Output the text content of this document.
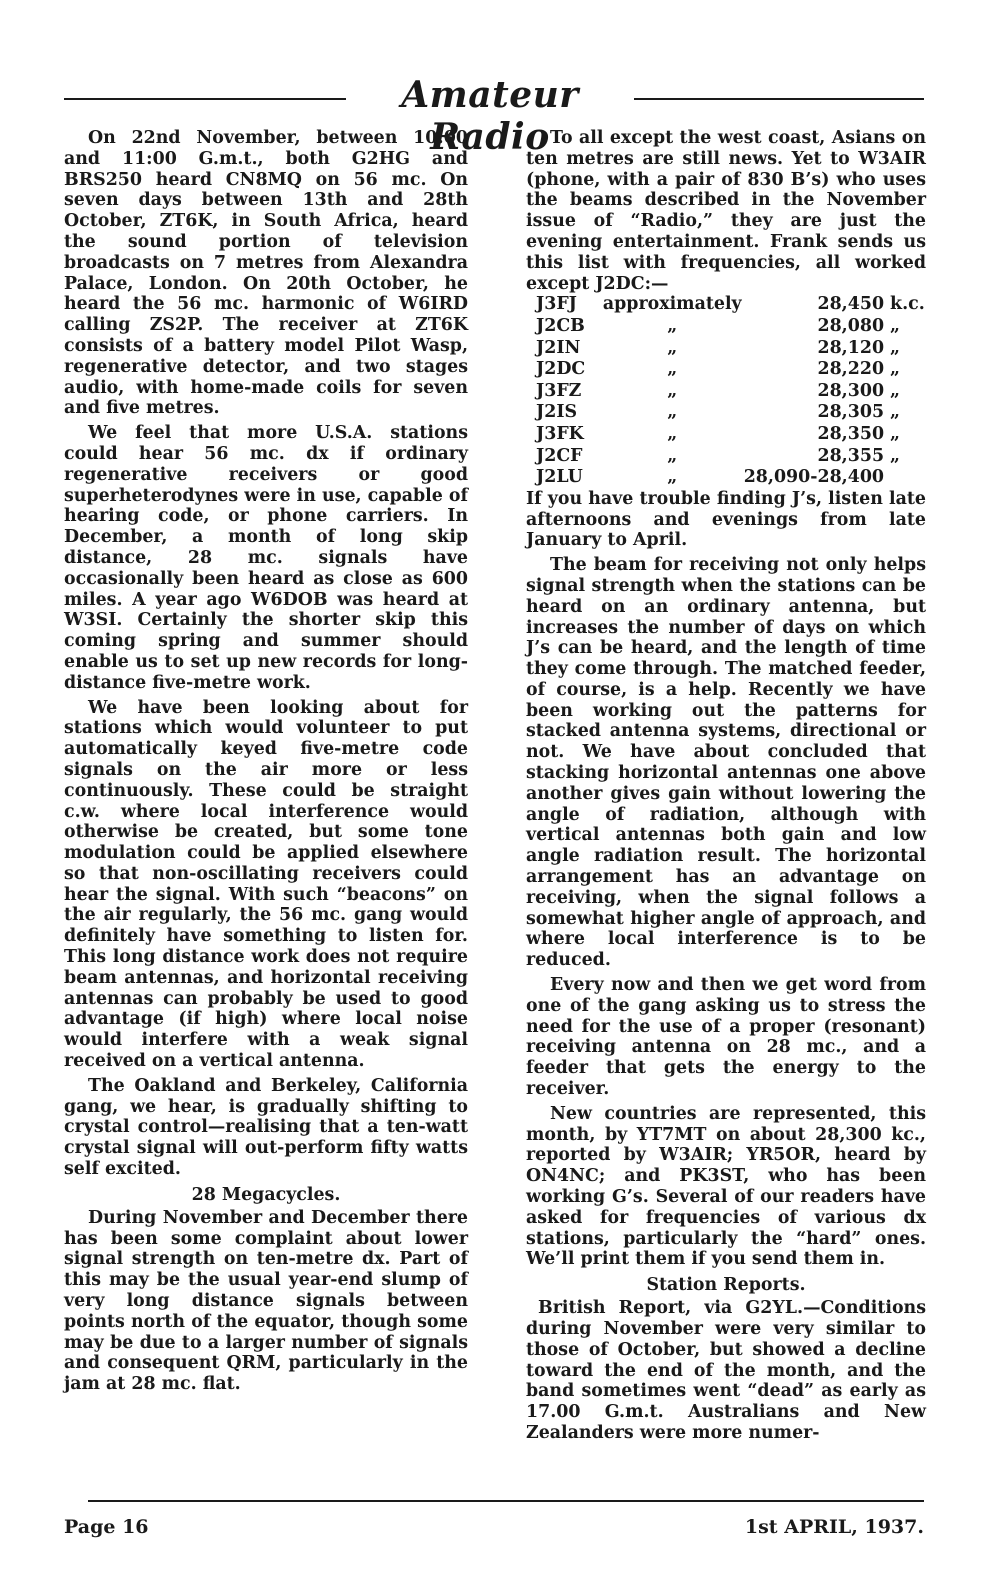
Amateur Radio

On 22nd November, between 10:00 and 11:00 G.m.t., both G2HG and BRS250 heard CN8MQ on 56 mc. On seven days between 13th and 28th October, ZT6K, in South Africa, heard the sound portion of television broadcasts on 7 metres from Alexandra Palace, London. On 20th October, he heard the 56 mc. harmonic of W6IRD calling ZS2P. The receiver at ZT6K consists of a battery model Pilot Wasp, regenerative detector, and two stages audio, with home-made coils for seven and five metres.

We feel that more U.S.A. stations could hear 56 mc. dx if ordinary regenerative receivers or good superheterodynes were in use, capable of hearing code, or phone carriers. In December, a month of long skip distance, 28 mc. signals have occasionally been heard as close as 600 miles. A year ago W6DOB was heard at W3SI. Certainly the shorter skip this coming spring and summer should enable us to set up new records for long-distance five-metre work.

We have been looking about for stations which would volunteer to put automatically keyed five-metre code signals on the air more or less continuously. These could be straight c.w. where local interference would otherwise be created, but some tone modulation could be applied elsewhere so that non-oscillating receivers could hear the signal. With such “beacons” on the air regularly, the 56 mc. gang would definitely have something to listen for. This long distance work does not require beam antennas, and horizontal receiving antennas can probably be used to good advantage (if high) where local noise would interfere with a weak signal received on a vertical antenna.

The Oakland and Berkeley, California gang, we hear, is gradually shifting to crystal control—realising that a ten-watt crystal signal will out-perform fifty watts self excited.

28 Megacycles.

During November and December there has been some complaint about lower signal strength on ten-metre dx. Part of this may be the usual year-end slump of very long distance signals between points north of the equator, though some may be due to a larger number of signals and consequent QRM, particularly in the jam at 28 mc. flat.

To all except the west coast, Asians on ten metres are still news. Yet to W3AIR (phone, with a pair of 830 B’s) who uses the beams described in the November issue of “Radio,” they are just the evening entertainment. Frank sends us this list with frequencies, all worked except J2DC:—

J3FJ	approximately	28,450	k.c.
J2CB	„	28,080	„
J2IN	„	28,120	„
J2DC	„	28,220	„
J3FZ	„	28,300	„
J2IS	„	28,305	„
J3FK	„	28,350	„
J2CF	„	28,355	„
J2LU	„	28,090-28,400	

If you have trouble finding J’s, listen late afternoons and evenings from late January to April.

The beam for receiving not only helps signal strength when the stations can be heard on an ordinary antenna, but increases the number of days on which J’s can be heard, and the length of time they come through. The matched feeder, of course, is a help. Recently we have been working out the patterns for stacked antenna systems, directional or not. We have about concluded that stacking horizontal antennas one above another gives gain without lowering the angle of radiation, although with vertical antennas both gain and low angle radiation result. The horizontal arrangement has an advantage on receiving, when the signal follows a somewhat higher angle of approach, and where local interference is to be reduced.

Every now and then we get word from one of the gang asking us to stress the need for the use of a proper (resonant) receiving antenna on 28 mc., and a feeder that gets the energy to the receiver.

New countries are represented, this month, by YT7MT on about 28,300 kc., reported by W3AIR; YR5OR, heard by ON4NC; and PK3ST, who has been working G’s. Several of our readers have asked for frequencies of various dx stations, particularly the “hard” ones. We’ll print them if you send them in.

Station Reports.

British Report, via G2YL.—Conditions during November were very similar to those of October, but showed a decline toward the end of the month, and the band sometimes went “dead” as early as 17.00 G.m.t. Australians and New Zealanders were more numer-

Page 16	1st APRIL, 1937.
